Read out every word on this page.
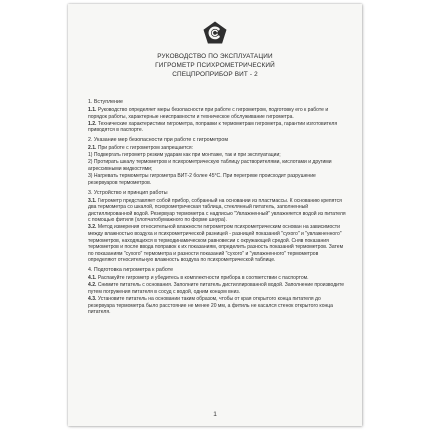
РУКОВОДСТВО ПО ЭКСПЛУАТАЦИИ
ГИГРОМЕТР ПСИХРОМЕТРИЧЕСКИЙ
СПЕЦПРОПРИБОР ВИТ - 2
1. Вступление
1.1. Руководство определяет меры безопасности при работе с гигрометром, подготовку его к работе и порядок работы, характерные неисправности и техническое обслуживание гигрометра.
1.2. Технические характеристики гигрометра, поправки к термометрам гигрометра, гарантии изготовителя приводятся в паспорте.
2. Указание мер безопасности при работе с гигрометром
2.1. При работе с гигрометром запрещается:
1) Подвергать гигрометр резким ударам как при монтаже, так и при эксплуатации;
2) Протирать шкалу термометров и психрометрическую таблицу растворителями, кислотами и другими агрессивными жидкостями;
3) Нагревать термометры гигрометра ВИТ-2 более 45°С. При перегреве происходит разрушение резервуаров термометров.
3. Устройство и принцип работы
3.1. Гигрометр представляет собой прибор, собранный на основании из пластмассы. К основанию крепятся два термометра со шкалой, психрометрическая таблица, стеклянный питатель, заполненный дистиллированной водой. Резервуар термометра с надписью "Увлажненный" увлажняется водой из питателя с помощью фитиля (хлопчатобумажного по форме шнура).
3.2. Метод измерения относительной влажности гигрометром психрометрическим основан на зависимости между влажностью воздуха и психрометрической разницей - разницей показаний "сухого" и "увлажненного" термометров, находящихся в термодинамическом равновесии с окружающей средой. Сняв показания термометров и после ввода поправок к их показаниям, определить разность показаний термометров. Затем по показаниям "сухого" термометра и разности показаний "сухого" и "увлажненного" термометров определяют относительную влажность воздуха по психрометрической таблице.
4. Подготовка гигрометра к работе
4.1. Распакуйте гигрометр и убедитесь в комплектности прибора в соответствии с паспортом.
4.2. Снимите питатель с основания. Заполните питатель дистиллированной водой. Заполнение производите путем погружения питателя в сосуд с водой, одним концом вниз.
4.3. Установите питатель на основании таким образом, чтобы от края открытого конца питателя до резервуара термометра было расстояние не менее 20 мм, а фитиль не касался стенок открытого конца питателя.
1
